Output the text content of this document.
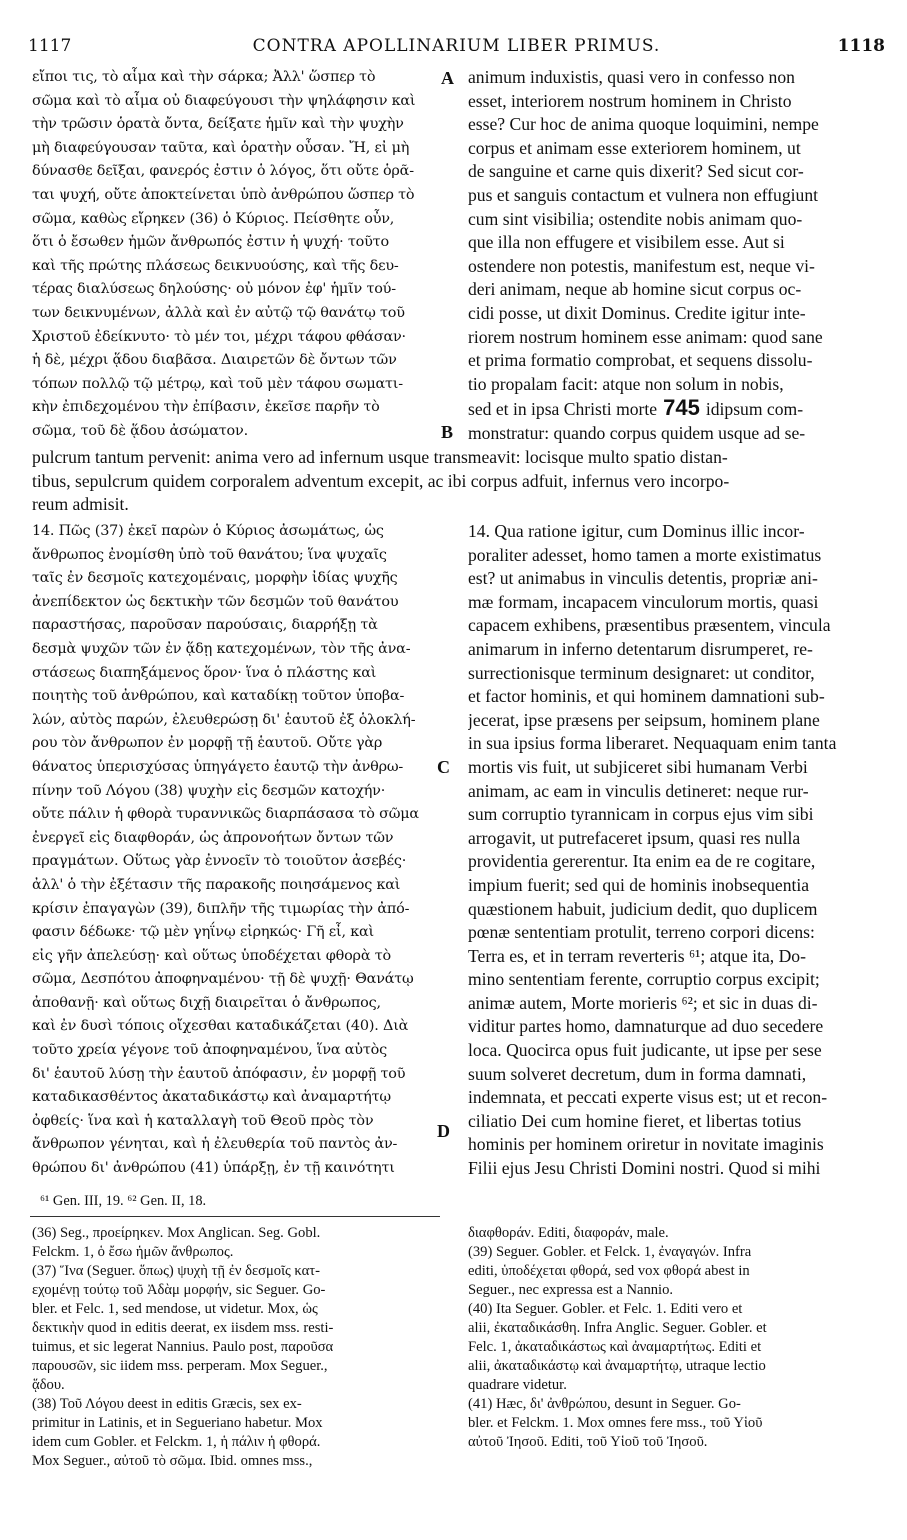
1117	CONTRA APOLLINARIUM LIBER PRIMUS.	1118
εἴποι τις, τὸ αἷμα καὶ τὴν σάρκα; Ἀλλ' ὥσπερ τὸ
σῶμα καὶ τὸ αἷμα οὐ διαφεύγουσι τὴν ψηλάφησιν καὶ
τὴν τρῶσιν ὁρατὰ ὄντα, δείξατε ἡμῖν καὶ τὴν ψυχὴν
μὴ διαφεύγουσαν ταῦτα, καὶ ὁρατὴν οὖσαν. Ἤ, εἰ μὴ
δύνασθε δεῖξαι, φανερός ἐστιν ὁ λόγος, ὅτι οὔτε ὁρᾶ-
ται ψυχή, οὔτε ἀποκτείνεται ὑπὸ ἀνθρώπου ὥσπερ τὸ
σῶμα, καθὼς εἴρηκεν (36) ὁ Κύριος. Πείσθητε οὖν,
ὅτι ὁ ἔσωθεν ἡμῶν ἄνθρωπός ἐστιν ἡ ψυχή· τοῦτο
καὶ τῆς πρώτης πλάσεως δεικνυούσης, καὶ τῆς δευ-
τέρας διαλύσεως δηλούσης· οὐ μόνον ἐφ' ἡμῖν τού-
των δεικνυμένων, ἀλλὰ καὶ ἐν αὐτῷ τῷ θανάτῳ τοῦ
Χριστοῦ ἐδείκνυτο· τὸ μέν τοι, μέχρι τάφου φθάσαν·
ἡ δὲ, μέχρι ᾅδου διαβᾶσα. Διαιρετῶν δὲ ὄντων τῶν
τόπων πολλῷ τῷ μέτρῳ, καὶ τοῦ μὲν τάφου σωματι-
κὴν ἐπιδεχομένου τὴν ἐπίβασιν, ἐκεῖσε παρῆν τὸ
σῶμα, τοῦ δὲ ᾅδου ἀσώματον.
animum induxistis, quasi vero in confesso non
esset, interiorem nostrum hominem in Christo
esse? Cur hoc de anima quoque loquimini, nempe
corpus et animam esse exteriorem hominem, ut
de sanguine et carne quis dixerit? Sed sicut cor-
pus et sanguis contactum et vulnera non effugiunt
cum sint visibilia; ostendite nobis animam quo-
que illa non effugere et visibilem esse. Aut si
ostendere non potestis, manifestum est, neque vi-
deri animam, neque ab homine sicut corpus oc-
cidi posse, ut dixit Dominus. Credite igitur inte-
riorem nostrum hominem esse animam: quod sane
et prima formatio comprobat, et sequens dissolu-
tio propalam facit: atque non solum in nobis,
sed et in ipsa Christi morte 745 idipsum com-
monstratur: quando corpus quidem usque ad se-
A
B
pulcrum tantum pervenit: anima vero ad infernum usque transmeavit: locisque multo spatio distan-
tibus, sepulcrum quidem corporalem adventum excepit, ac ibi corpus adfuit, infernus vero incorpo-
reum admisit.
14. Πῶς (37) ἐκεῖ παρὼν ὁ Κύριος ἀσωμάτως, ὡς
ἄνθρωπος ἐνομίσθη ὑπὸ τοῦ θανάτου; ἵνα ψυχαῖς
ταῖς ἐν δεσμοῖς κατεχομέναις, μορφὴν ἰδίας ψυχῆς
ἀνεπίδεκτον ὡς δεκτικὴν τῶν δεσμῶν τοῦ θανάτου
παραστήσας, παροῦσαν παρούσαις, διαρρήξῃ τὰ
δεσμὰ ψυχῶν τῶν ἐν ᾅδῃ κατεχομένων, τὸν τῆς ἀνα-
στάσεως διαπηξάμενος ὅρον· ἵνα ὁ πλάστης καὶ
ποιητὴς τοῦ ἀνθρώπου, καὶ καταδίκῃ τοῦτον ὑποβα-
λών, αὐτὸς παρών, ἐλευθερώσῃ δι' ἑαυτοῦ ἐξ ὁλοκλή-
ρου τὸν ἄνθρωπον ἐν μορφῇ τῇ ἑαυτοῦ. Οὔτε γὰρ
θάνατος ὑπερισχύσας ὑπηγάγετο ἑαυτῷ τὴν ἀνθρω-
πίνην τοῦ Λόγου (38) ψυχὴν εἰς δεσμῶν κατοχήν·
οὔτε πάλιν ἡ φθορὰ τυραννικῶς διαρπάσασα τὸ σῶμα
ἐνεργεῖ εἰς διαφθοράν, ὡς ἀπρονοήτων ὄντων τῶν
πραγμάτων. Οὕτως γὰρ ἐννοεῖν τὸ τοιοῦτον ἀσεβές·
ἀλλ' ὁ τὴν ἐξέτασιν τῆς παρακοῆς ποιησάμενος καὶ
κρίσιν ἐπαγαγὼν (39), διπλῆν τῆς τιμωρίας τὴν ἀπό-
φασιν δέδωκε· τῷ μὲν γηΐνῳ εἰρηκώς· Γῆ εἶ, καὶ
εἰς γῆν ἀπελεύσῃ· καὶ οὕτως ὑποδέχεται φθορὰ τὸ
σῶμα, Δεσπότου ἀποφηναμένου· τῇ δὲ ψυχῇ· Θανάτῳ
ἀποθανῇ· καὶ οὕτως διχῇ διαιρεῖται ὁ ἄνθρωπος,
καὶ ἐν δυσὶ τόποις οἴχεσθαι καταδικάζεται (40). Διὰ
τοῦτο χρεία γέγονε τοῦ ἀποφηναμένου, ἵνα αὐτὸς
δι' ἑαυτοῦ λύσῃ τὴν ἑαυτοῦ ἀπόφασιν, ἐν μορφῇ τοῦ
καταδικασθέντος ἀκαταδικάστῳ καὶ ἀναμαρτήτῳ
ὀφθείς· ἵνα καὶ ἡ καταλλαγὴ τοῦ Θεοῦ πρὸς τὸν
ἄνθρωπον γένηται, καὶ ἡ ἐλευθερία τοῦ παντὸς ἀν-
θρώπου δι' ἀνθρώπου (41) ὑπάρξῃ, ἐν τῇ καινότητι
14. Qua ratione igitur, cum Dominus illic incor-
poraliter adesset, homo tamen a morte existimatus
est? ut animabus in vinculis detentis, propriæ ani-
mæ formam, incapacem vinculorum mortis, quasi
capacem exhibens, præsentibus præsentem, vincula
animarum in inferno detentarum disrumperet, re-
surrectionisque terminum designaret: ut conditor,
et factor hominis, et qui hominem damnationi sub-
jecerat, ipse præsens per seipsum, hominem plane
in sua ipsius forma liberaret. Nequaquam enim tanta
mortis vis fuit, ut subjiceret sibi humanam Verbi
animam, ac eam in vinculis detineret: neque rur-
sum corruptio tyrannicam in corpus ejus vim sibi
arrogavit, ut putrefaceret ipsum, quasi res nulla
providentia gererentur. Ita enim ea de re cogitare,
impium fuerit; sed qui de hominis inobsequentia
quæstionem habuit, judicium dedit, quo duplicem
pœnæ sententiam protulit, terreno corpori dicens:
Terra es, et in terram reverteris ⁶¹; atque ita, Do-
mino sententiam ferente, corruptio corpus excipit;
animæ autem, Morte morieris ⁶²; et sic in duas di-
viditur partes homo, damnaturque ad duo secedere
loca. Quocirca opus fuit judicante, ut ipse per sese
suum solveret decretum, dum in forma damnati,
indemnata, et peccati experte visus est; ut et recon-
ciliatio Dei cum homine fieret, et libertas totius
hominis per hominem oriretur in novitate imaginis
Filii ejus Jesu Christi Domini nostri. Quod si mihi
C
D
⁶¹ Gen. III, 19. ⁶² Gen. II, 18.
(36) Seg., προείρηκεν. Mox Anglican. Seg. Gobl.
Felckm. 1, ὁ ἔσω ἡμῶν ἄνθρωπος.
(37) Ἵνα (Seguer. ὅπως) ψυχὴ τῇ ἐν δεσμοῖς κατ-
εχομένῃ τούτῳ τοῦ Ἀδὰμ μορφήν, sic Seguer. Go-
bler. et Felc. 1, sed mendose, ut videtur. Mox, ὡς
δεκτικὴν quod in editis deerat, ex iisdem mss. resti-
tuimus, et sic legerat Nannius. Paulo post, παροῦσα
παρουσῶν, sic iidem mss. perperam. Mox Seguer.,
ᾅδου.
(38) Τοῦ Λόγου deest in editis Græcis, sex ex-
primitur in Latinis, et in Segueriano habetur. Mox
idem cum Gobler. et Felckm. 1, ἡ πάλιν ἡ φθορά.
Mox Seguer., αὐτοῦ τὸ σῶμα. Ibid. omnes mss.,
διαφθοράν. Editi, διαφοράν, male.
(39) Seguer. Gobler. et Felck. 1, ἐναγαγών. Infra
editi, ὑποδέχεται φθορά, sed vox φθορά abest in
Seguer., nec expressa est a Nannio.
(40) Ita Seguer. Gobler. et Felc. 1. Editi vero et
alii, ἐκαταδικάσθη. Infra Anglic. Seguer. Gobler. et
Felc. 1, ἀκαταδικάστως καὶ ἀναμαρτήτως. Editi et
alii, ἀκαταδικάστῳ καὶ ἀναμαρτήτῳ, utraque lectio
quadrare videtur.
(41) Hæc, δι' ἀνθρώπου, desunt in Seguer. Go-
bler. et Felckm. 1. Mox omnes fere mss., τοῦ Υἱοῦ
αὐτοῦ Ἰησοῦ. Editi, τοῦ Υἱοῦ τοῦ Ἰησοῦ.
